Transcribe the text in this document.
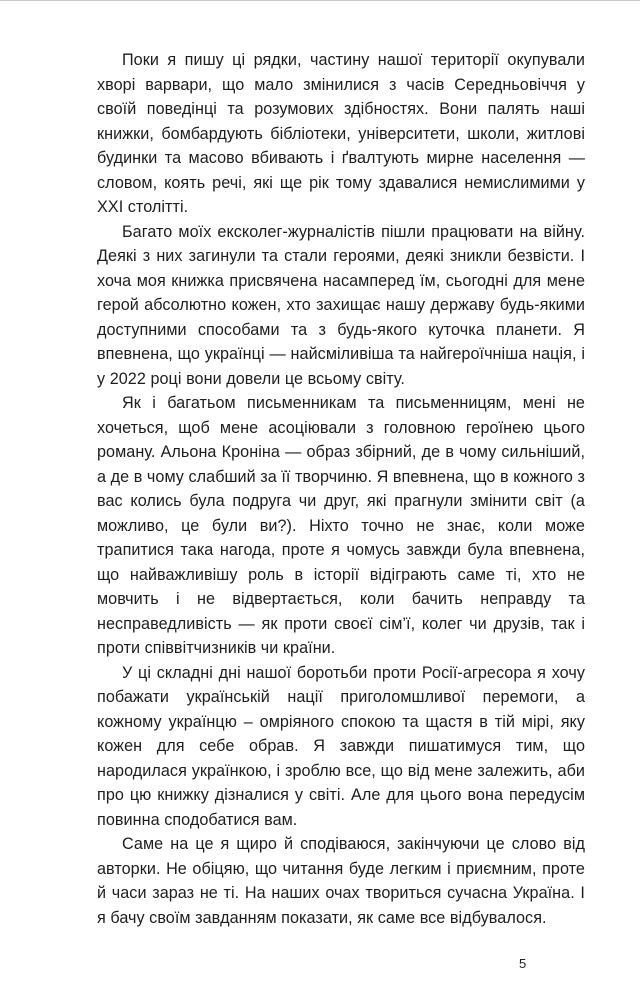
Поки я пишу ці рядки, частину нашої території окупували хворі варвари, що мало змінилися з часів Середньовіччя у своїй поведінці та розумових здібностях. Вони палять наші книжки, бомбардують бібліотеки, університети, школи, житлові будинки та масово вбивають і ґвалтують мирне населення — словом, коять речі, які ще рік тому здавалися немислимими у ХХІ столітті.

Багато моїх ексколег-журналістів пішли працювати на війну. Деякі з них загинули та стали героями, деякі зникли безвісти. І хоча моя книжка присвячена насамперед їм, сьогодні для мене герой абсолютно кожен, хто захищає нашу державу будь-якими доступними способами та з будь-якого куточка планети. Я впевнена, що українці — найсміливіша та найгероїчніша нація, і у 2022 році вони довели це всьому світу.

Як і багатьом письменникам та письменницям, мені не хочеться, щоб мене асоціювали з головною героїнею цього роману. Альона Кроніна — образ збірний, де в чому сильніший, а де в чому слабший за її творчиню. Я впевнена, що в кожного з вас колись була подруга чи друг, які прагнули змінити світ (а можливо, це були ви?). Ніхто точно не знає, коли може трапитися така нагода, проте я чомусь завжди була впевнена, що найважливішу роль в історії відіграють саме ті, хто не мовчить і не відвертається, коли бачить неправду та несправедливість — як проти своєї сім’ї, колег чи друзів, так і проти співвітчизників чи країни.

У ці складні дні нашої боротьби проти Росії-агресора я хочу побажати українській нації приголомшливої перемоги, а кожному українцю – омріяного спокою та щастя в тій мірі, яку кожен для себе обрав. Я завжди пишатимуся тим, що народилася українкою, і зроблю все, що від мене залежить, аби про цю книжку дізналися у світі. Але для цього вона передусім повинна сподобатися вам.

Саме на це я щиро й сподіваюся, закінчуючи це слово від авторки. Не обіцяю, що читання буде легким і приємним, проте й часи зараз не ті. На наших очах твориться сучасна Україна. І я бачу своїм завданням показати, як саме все відбувалося.

5
